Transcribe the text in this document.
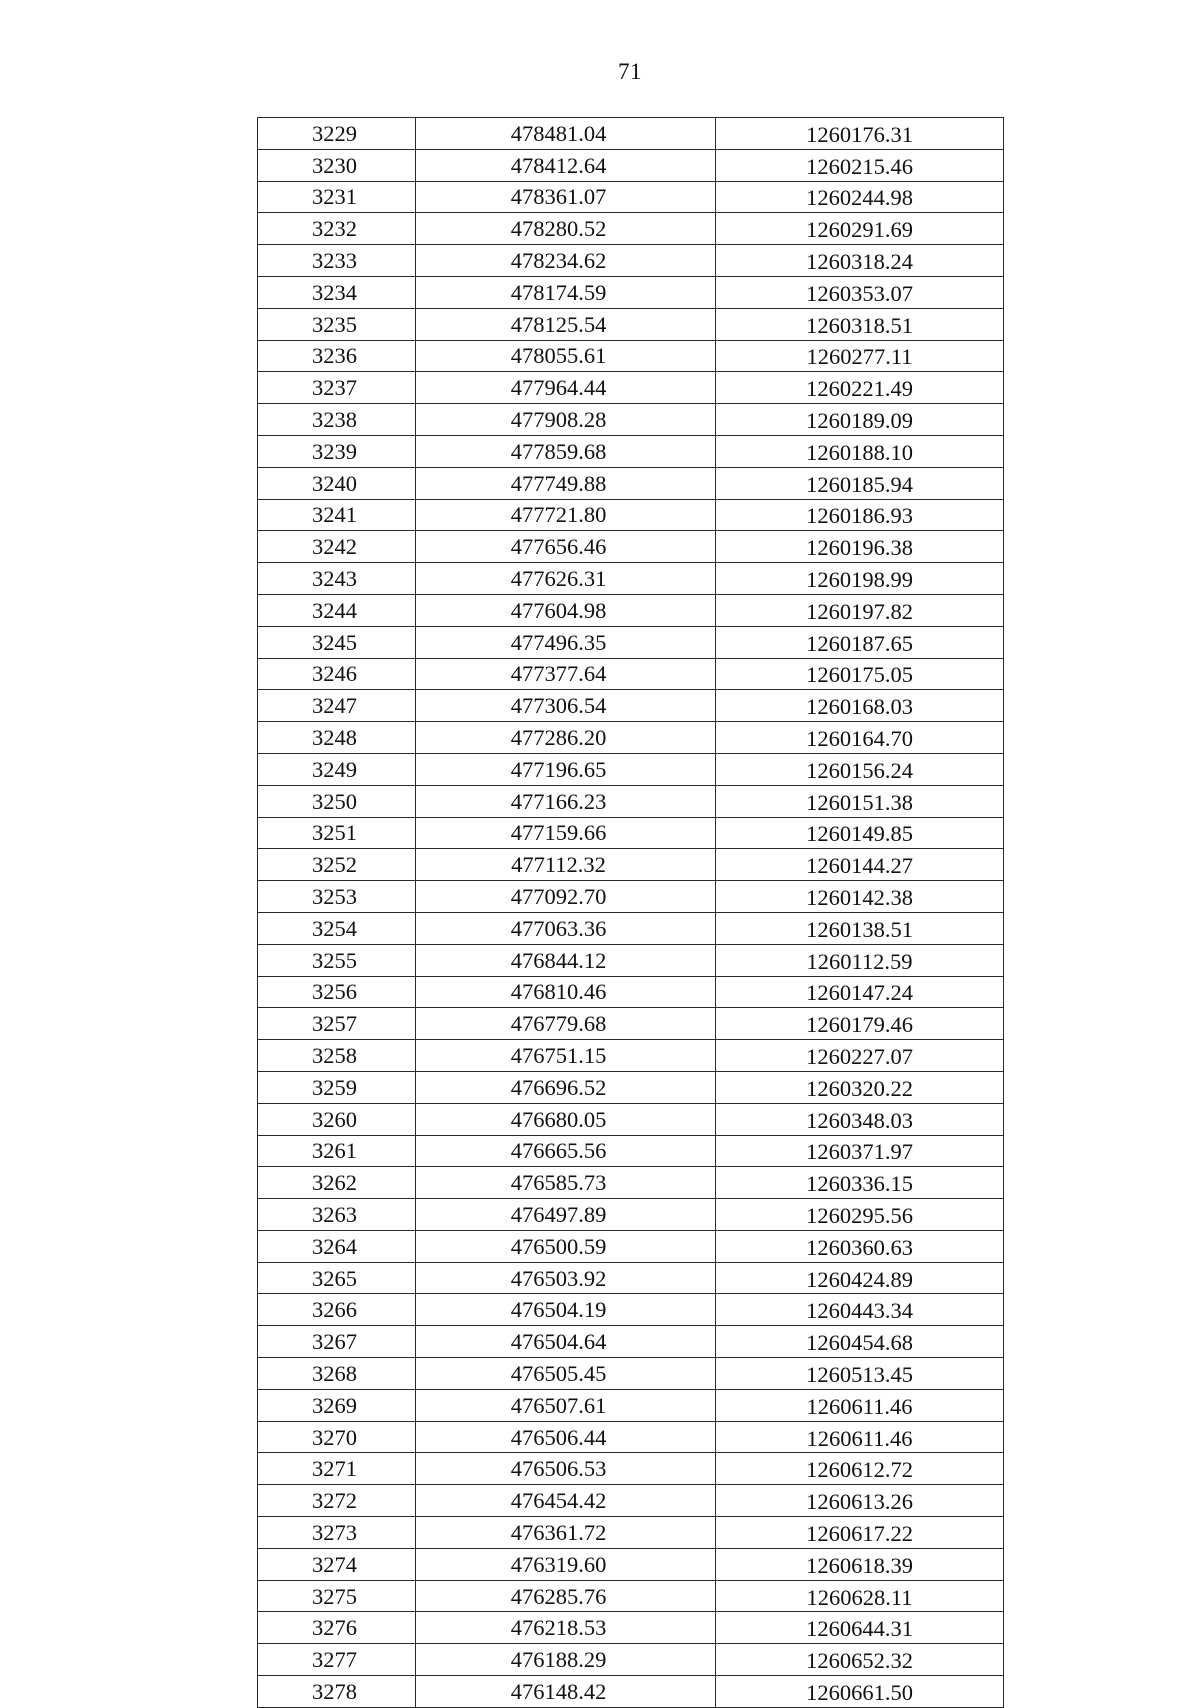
71
3229	478481.04	1260176.31
3230	478412.64	1260215.46
3231	478361.07	1260244.98
3232	478280.52	1260291.69
3233	478234.62	1260318.24
3234	478174.59	1260353.07
3235	478125.54	1260318.51
3236	478055.61	1260277.11
3237	477964.44	1260221.49
3238	477908.28	1260189.09
3239	477859.68	1260188.10
3240	477749.88	1260185.94
3241	477721.80	1260186.93
3242	477656.46	1260196.38
3243	477626.31	1260198.99
3244	477604.98	1260197.82
3245	477496.35	1260187.65
3246	477377.64	1260175.05
3247	477306.54	1260168.03
3248	477286.20	1260164.70
3249	477196.65	1260156.24
3250	477166.23	1260151.38
3251	477159.66	1260149.85
3252	477112.32	1260144.27
3253	477092.70	1260142.38
3254	477063.36	1260138.51
3255	476844.12	1260112.59
3256	476810.46	1260147.24
3257	476779.68	1260179.46
3258	476751.15	1260227.07
3259	476696.52	1260320.22
3260	476680.05	1260348.03
3261	476665.56	1260371.97
3262	476585.73	1260336.15
3263	476497.89	1260295.56
3264	476500.59	1260360.63
3265	476503.92	1260424.89
3266	476504.19	1260443.34
3267	476504.64	1260454.68
3268	476505.45	1260513.45
3269	476507.61	1260611.46
3270	476506.44	1260611.46
3271	476506.53	1260612.72
3272	476454.42	1260613.26
3273	476361.72	1260617.22
3274	476319.60	1260618.39
3275	476285.76	1260628.11
3276	476218.53	1260644.31
3277	476188.29	1260652.32
3278	476148.42	1260661.50
